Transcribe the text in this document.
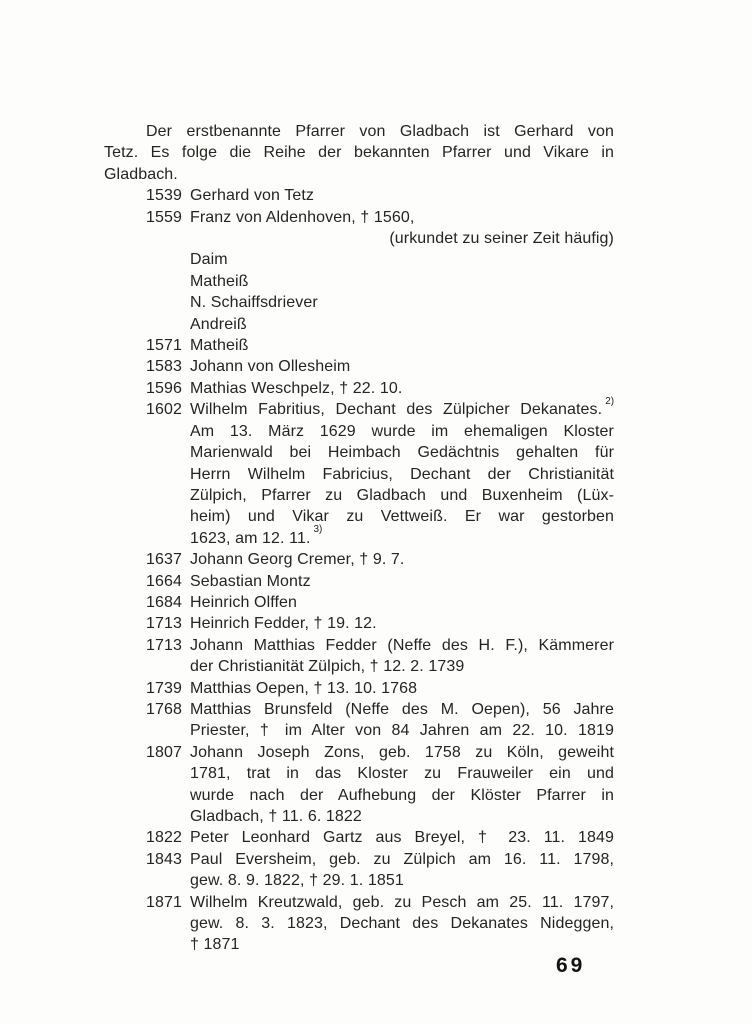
Der erstbenannte Pfarrer von Gladbach ist Gerhard von
Tetz. Es folge die Reihe der bekannten Pfarrer und Vikare in
Gladbach.
1539 Gerhard von Tetz
1559 Franz von Aldenhoven, † 1560,
(urkundet zu seiner Zeit häufig)
Daim
Matheiß
N. Schaiffsdriever
Andreiß
1571 Matheiß
1583 Johann von Ollesheim
1596 Mathias Weschpelz, † 22. 10.
1602 Wilhelm Fabritius, Dechant des Zülpicher Dekanates.$^{2)}$
Am 13. März 1629 wurde im ehemaligen Kloster
Marienwald bei Heimbach Gedächtnis gehalten für
Herrn Wilhelm Fabricius, Dechant der Christianität
Zülpich, Pfarrer zu Gladbach und Buxenheim (Lüx-
heim) und Vikar zu Vettweiß. Er war gestorben
1623, am 12. 11.$^{3)}$
1637 Johann Georg Cremer, † 9. 7.
1664 Sebastian Montz
1684 Heinrich Olffen
1713 Heinrich Fedder, † 19. 12.
1713 Johann Matthias Fedder (Neffe des H. F.), Kämmerer
der Christianität Zülpich, † 12. 2. 1739
1739 Matthias Oepen, † 13. 10. 1768
1768 Matthias Brunsfeld (Neffe des M. Oepen), 56 Jahre
Priester, † im Alter von 84 Jahren am 22. 10. 1819
1807 Johann Joseph Zons, geb. 1758 zu Köln, geweiht
1781, trat in das Kloster zu Frauweiler ein und
wurde nach der Aufhebung der Klöster Pfarrer in
Gladbach, † 11. 6. 1822
1822 Peter Leonhard Gartz aus Breyel, † 23. 11. 1849
1843 Paul Eversheim, geb. zu Zülpich am 16. 11. 1798,
gew. 8. 9. 1822, † 29. 1. 1851
1871 Wilhelm Kreutzwald, geb. zu Pesch am 25. 11. 1797,
gew. 8. 3. 1823, Dechant des Dekanates Nideggen,
† 1871
69
